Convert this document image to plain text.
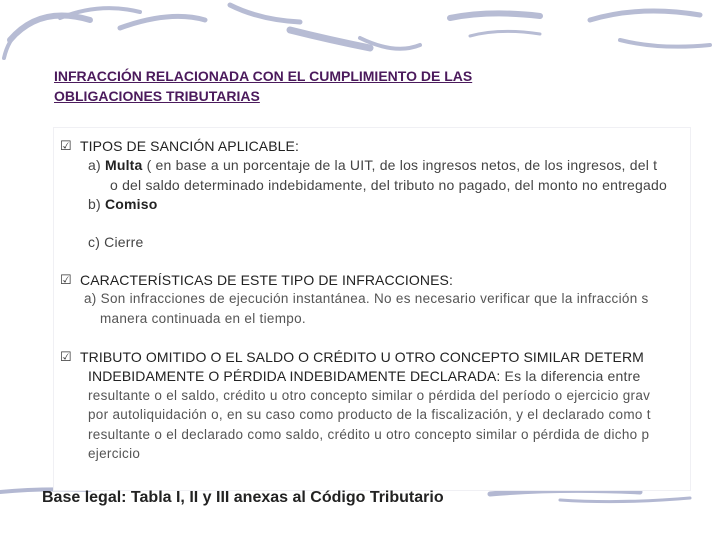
INFRACCIÓN RELACIONADA CON EL CUMPLIMIENTO DE LAS
OBLIGACIONES TRIBUTARIAS
☑ TIPOS DE SANCIÓN APLICABLE:
a) Multa ( en base a un porcentaje de la UIT, de los ingresos netos, de los ingresos, del t
o del saldo determinado indebidamente, del tributo no pagado, del monto no entregado
b) Comiso
c) Cierre
☑ CARACTERÍSTICAS DE ESTE TIPO DE INFRACCIONES:
a) Son infracciones de ejecución instantánea. No es necesario verificar que la infracción s
manera continuada en el tiempo.
☑ TRIBUTO OMITIDO O EL SALDO O CRÉDITO U OTRO CONCEPTO SIMILAR DETERM
INDEBIDAMENTE O PÉRDIDA INDEBIDAMENTE DECLARADA: Es la diferencia entre
resultante o el saldo, crédito u otro concepto similar o pérdida del período o ejercicio grav
por autoliquidación o, en su caso como producto de la fiscalización, y el declarado como t
resultante o el declarado como saldo, crédito u otro concepto similar o pérdida de dicho p
ejercicio
Base legal: Tabla I, II y III anexas al Código Tributario
